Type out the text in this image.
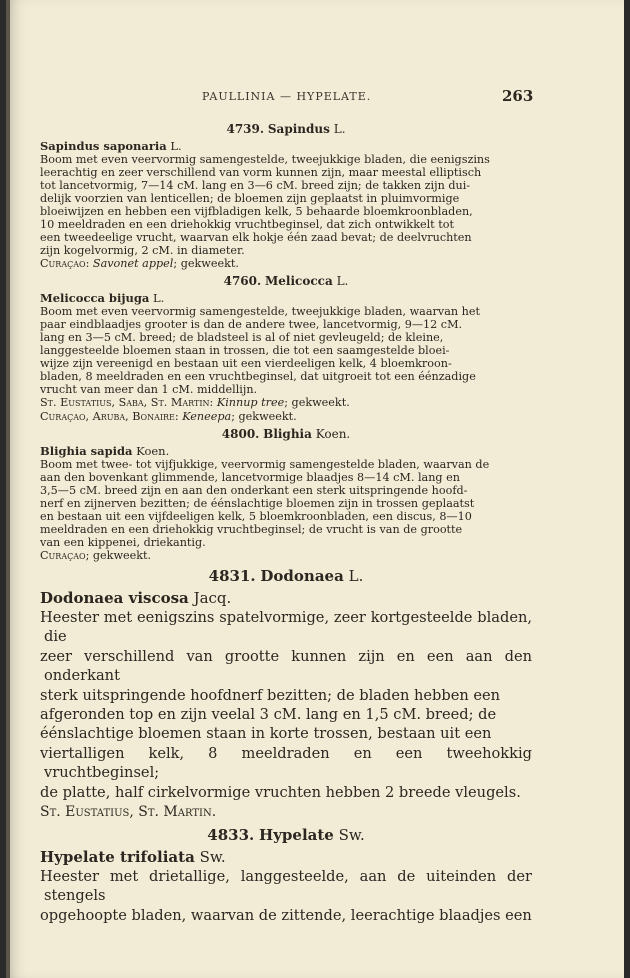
PAULLINIA — HYPELATE.	263

4739. Sapindus L.

Sapindus saponaria L.

Boom met even veervormig samengestelde, tweejukkige bladen, die eenigszins
leerachtig en zeer verschillend van vorm kunnen zijn, maar meestal elliptisch
tot lancetvormig, 7—14 cM. lang en 3—6 cM. breed zijn; de takken zijn dui-
delijk voorzien van lenticellen; de bloemen zijn geplaatst in pluimvormige
bloeiwijzen en hebben een vijfbladigen kelk, 5 behaarde bloemkroonbladen,
10 meeldraden en een driehokkig vruchtbeginsel, dat zich ontwikkelt tot
een tweedeelige vrucht, waarvan elk hokje één zaad bevat; de deelvruchten
zijn kogelvormig, 2 cM. in diameter.

Curaçao: Savonet appel; gekweekt.

4760. Melicocca L.

Melicocca bijuga L.

Boom met even veervormig samengestelde, tweejukkige bladen, waarvan het
paar eindblaadjes grooter is dan de andere twee, lancetvormig, 9—12 cM.
lang en 3—5 cM. breed; de bladsteel is al of niet gevleugeld; de kleine,
langgesteelde bloemen staan in trossen, die tot een saamgestelde bloei-
wijze zijn vereenigd en bestaan uit een vierdeeligen kelk, 4 bloemkroon-
bladen, 8 meeldraden en een vruchtbeginsel, dat uitgroeit tot een éénzadige
vrucht van meer dan 1 cM. middellijn.

St. Eustatius, Saba, St. Martin: Kinnup tree; gekweekt.

Curaçao, Aruba, Bonaire: Keneepa; gekweekt.

4800. Blighia Koen.

Blighia sapida Koen.

Boom met twee- tot vijfjukkige, veervormig samengestelde bladen, waarvan de
aan den bovenkant glimmende, lancetvormige blaadjes 8—14 cM. lang en
3,5—5 cM. breed zijn en aan den onderkant een sterk uitspringende hoofd-
nerf en zijnerven bezitten; de éénslachtige bloemen zijn in trossen geplaatst
en bestaan uit een vijfdeeligen kelk, 5 bloemkroonbladen, een discus, 8—10
meeldraden en een driehokkig vruchtbeginsel; de vrucht is van de grootte
van een kippenei, driekantig.

Curaçao; gekweekt.

4831. Dodonaea L.

Dodonaea viscosa Jacq.

Heester met eenigszins spatelvormige, zeer kortgesteelde bladen, die
zeer verschillend van grootte kunnen zijn en een aan den onderkant
sterk uitspringende hoofdnerf bezitten; de bladen hebben een
afgeronden top en zijn veelal 3 cM. lang en 1,5 cM. breed; de
éénslachtige bloemen staan in korte trossen, bestaan uit een
viertalligen kelk, 8 meeldraden en een tweehokkig vruchtbeginsel;
de platte, half cirkelvormige vruchten hebben 2 breede vleugels.

St. Eustatius, St. Martin.

4833. Hypelate Sw.

Hypelate trifoliata Sw.

Heester met drietallige, langgesteelde, aan de uiteinden der stengels
opgehoopte bladen, waarvan de zittende, leerachtige blaadjes een
